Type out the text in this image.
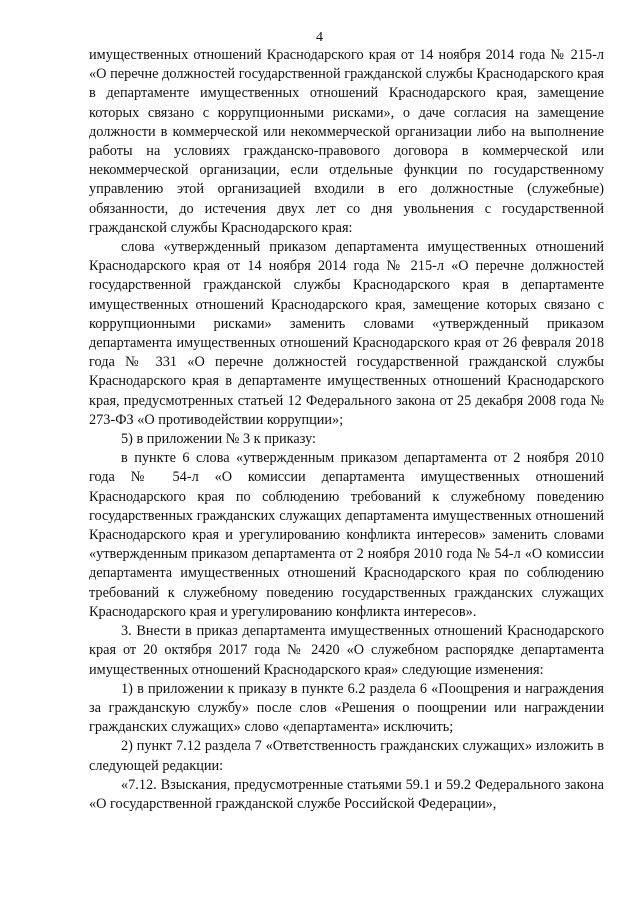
4

имущественных отношений Краснодарского края от 14 ноября 2014 года № 215-л «О перечне должностей государственной гражданской службы Краснодарского края в департаменте имущественных отношений Краснодарского края, замещение которых связано с коррупционными рисками», о даче согласия на замещение должности в коммерческой или некоммерческой организации либо на выполнение работы на условиях гражданско-правового договора в коммерческой или некоммерческой организации, если отдельные функции по государственному управлению этой организацией входили в его должностные (служебные) обязанности, до истечения двух лет со дня увольнения с государственной гражданской службы Краснодарского края:

слова «утвержденный приказом департамента имущественных отношений Краснодарского края от 14 ноября 2014 года № 215-л «О перечне должностей государственной гражданской службы Краснодарского края в департаменте имущественных отношений Краснодарского края, замещение которых связано с коррупционными рисками» заменить словами «утвержденный приказом департамента имущественных отношений Краснодарского края от 26 февраля 2018 года № 331 «О перечне должностей государственной гражданской службы Краснодарского края в департаменте имущественных отношений Краснодарского края, предусмотренных статьей 12 Федерального закона от 25 декабря 2008 года № 273-ФЗ «О противодействии коррупции»;

5) в приложении № 3 к приказу:

в пункте 6 слова «утвержденным приказом департамента от 2 ноября 2010 года № 54-л «О комиссии департамента имущественных отношений Краснодарского края по соблюдению требований к служебному поведению государственных гражданских служащих департамента имущественных отношений Краснодарского края и урегулированию конфликта интересов» заменить словами «утвержденным приказом департамента от 2 ноября 2010 года № 54-л «О комиссии департамента имущественных отношений Краснодарского края по соблюдению требований к служебному поведению государственных гражданских служащих Краснодарского края и урегулированию конфликта интересов».

3. Внести в приказ департамента имущественных отношений Краснодарского края от 20 октября 2017 года № 2420 «О служебном распорядке департамента имущественных отношений Краснодарского края» следующие изменения:

1) в приложении к приказу в пункте 6.2 раздела 6 «Поощрения и награждения за гражданскую службу» после слов «Решения о поощрении или награждении гражданских служащих» слово «департамента» исключить;

2) пункт 7.12 раздела 7 «Ответственность гражданских служащих» изложить в следующей редакции:

«7.12. Взыскания, предусмотренные статьями 59.1 и 59.2 Федерального закона «О государственной гражданской службе Российской Федерации»,
